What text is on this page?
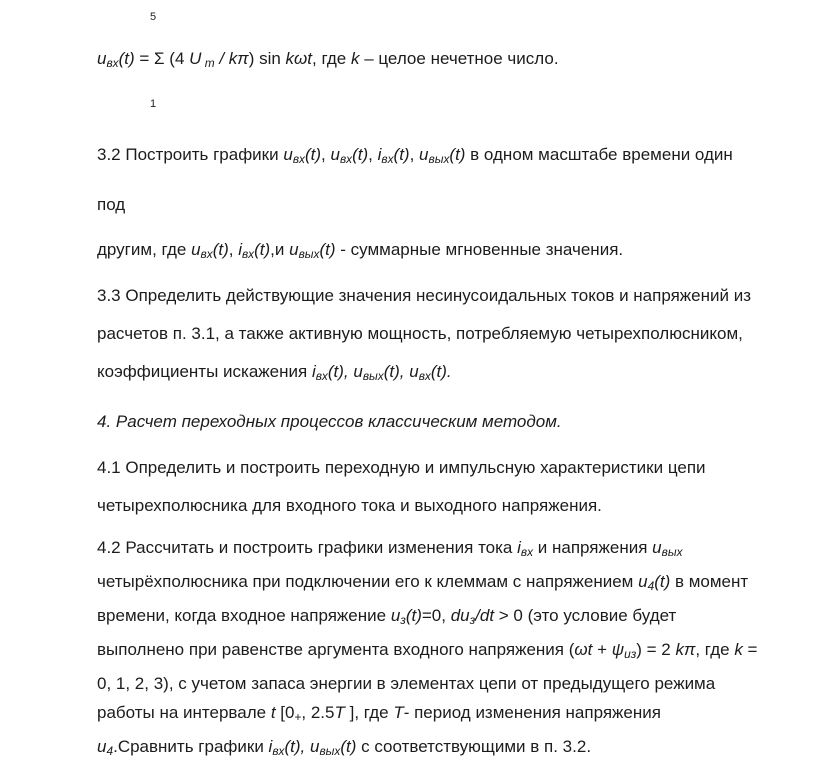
5

$u_{вх}(t) = \Sigma$ (4 U $_m$ / kπ) sin kωt, где k – целое нечетное число.

1

3.2 Построить графики $u_{вх}(t)$, $u_{вх}(t)$, $i_{вх}(t)$, $u_{вых}(t)$ в одном масштабе времени один под

другим, где $u_{вх}(t)$, $i_{вх}(t),и$ $u_{вых}(t)$ - суммарные мгновенные значения.

3.3 Определить действующие значения несинусоидальных токов и напряжений из расчетов п. 3.1, а также активную мощность, потребляемую четырехполюсником, коэффициенты искажения $i_{вх}(t)$, $u_{вых}(t)$, $u_{вх}(t)$.

4. Расчет переходных процессов классическим методом.

4.1 Определить и построить переходную и импульсную характеристики цепи четырехполюсника для входного тока и выходного напряжения.

4.2 Рассчитать и построить графики изменения тока $i_{вх}$ и напряжения $u_{вых}$ четырёхполюсника при подключении его к клеммам с напряжением $u_4(t)$ в момент времени, когда входное напряжение $u_з(t)=0$, $du_з/dt > 0$ (это условие будет выполнено при равенстве аргумента входного напряжения $(\omega t + \psi_{из}) = 2$ kπ, где k = 0, 1, 2, 3), с учетом запаса энергии в элементах цепи от предыдущего режима работы на интервале t [$0_+$, 2.5T ], где T- период изменения напряжения $u_4.Сравнить$ графики $i_{вх}(t)$, $u_{вых}(t)$ с соответствующими в п. 3.2.
